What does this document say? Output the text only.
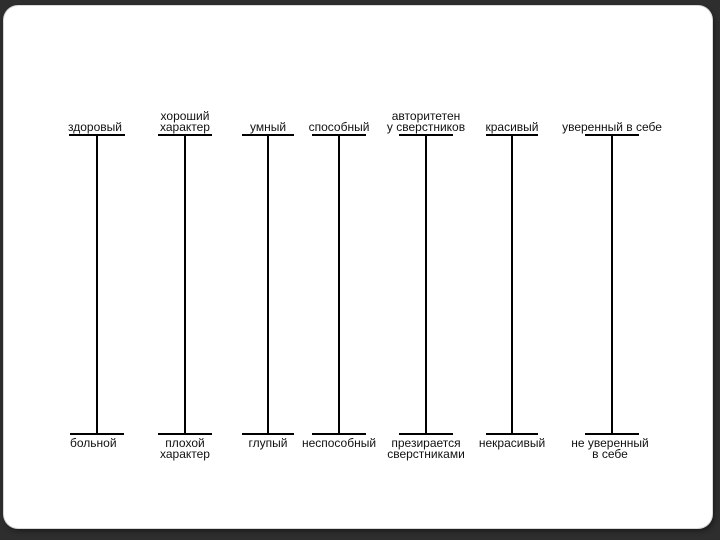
здоровый
больной
хороший
характер
плохой
характер
умный
глупый
способный
неспособный
авторитетен
у сверстников
презирается
сверстниками
красивый
некрасивый
уверенный в себе
не уверенный
в себе
